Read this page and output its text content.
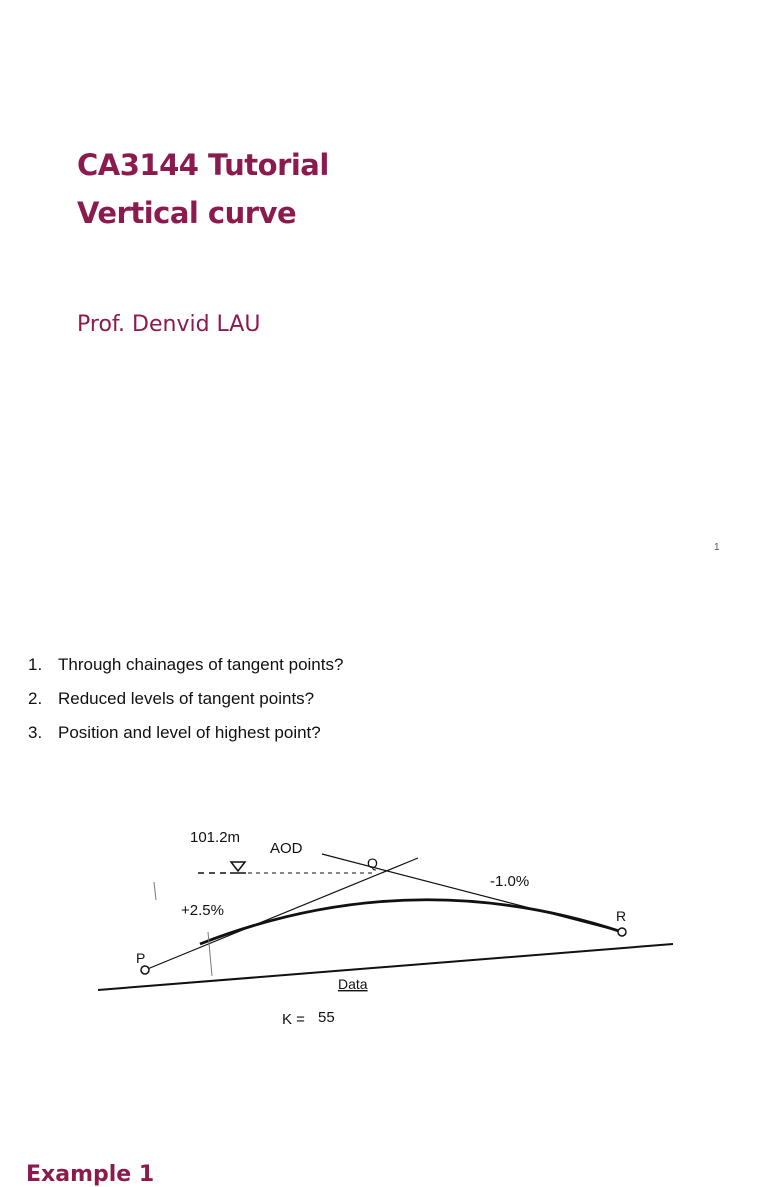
CA3144 Tutorial
Vertical curve

Prof. Denvid LAU

1
Example 1
1. Through chainages of tangent points?
2. Reduced levels of tangent points?
3. Position and level of highest point?
101.2m
AOD
Q
-1.0%
+2.5%	R
P
Data
K = 55
